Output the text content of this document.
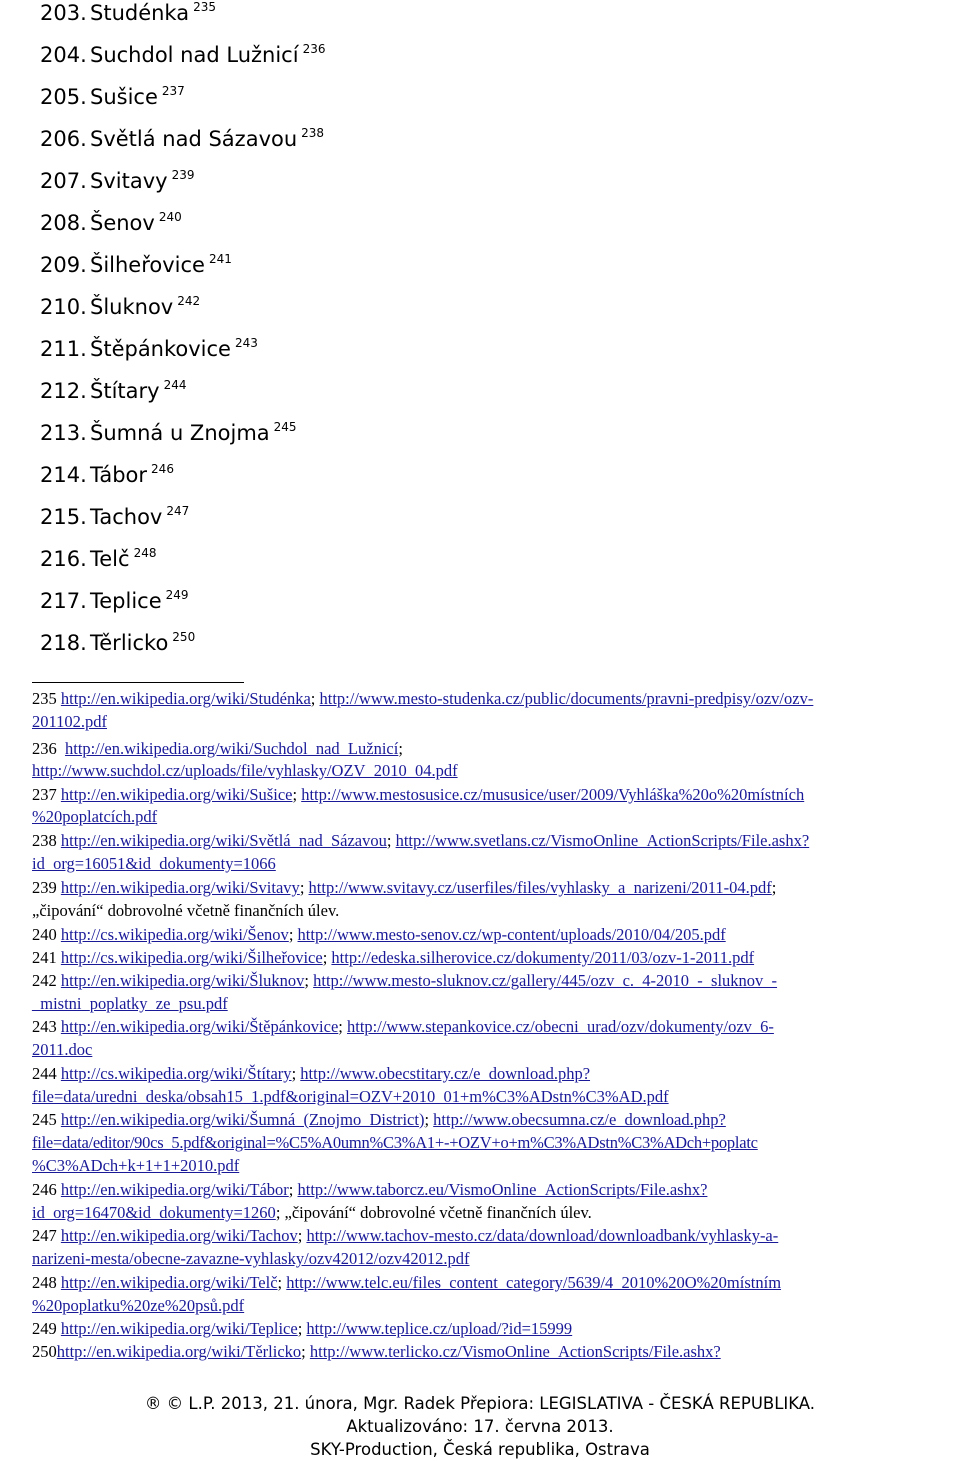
203. Studénka $^{235}$
204. Suchdol nad Lužnicí $^{236}$
205. Sušice $^{237}$
206. Světlá nad Sázavou $^{238}$
207. Svitavy $^{239}$
208. Šenov $^{240}$
209. Šilheřovice $^{241}$
210. Šluknov $^{242}$
211. Štěpánkovice $^{243}$
212. Štítary $^{244}$
213. Šumná u Znojma $^{245}$
214. Tábor $^{246}$
215. Tachov $^{247}$
216. Telč $^{248}$
217. Teplice $^{249}$
218. Těrlicko $^{250}$
235 http://en.wikipedia.org/wiki/Studénka; http://www.mesto-studenka.cz/public/documents/pravni-predpisy/ozv/ozv-
201102.pdf
236 http://en.wikipedia.org/wiki/Suchdol_nad_Lužnicí;
http://www.suchdol.cz/uploads/file/vyhlasky/OZV_2010_04.pdf
237 http://en.wikipedia.org/wiki/Sušice; http://www.mestosusice.cz/mususice/user/2009/Vyhláška%20o%20místních
%20poplatcích.pdf
238 http://en.wikipedia.org/wiki/Světlá_nad_Sázavou; http://www.svetlans.cz/VismoOnline_ActionScripts/File.ashx?
id_org=16051&id_dokumenty=1066
239 http://en.wikipedia.org/wiki/Svitavy; http://www.svitavy.cz/userfiles/files/vyhlasky_a_narizeni/2011-04.pdf;
„čipování“ dobrovolné včetně finančních úlev.
240 http://cs.wikipedia.org/wiki/Šenov; http://www.mesto-senov.cz/wp-content/uploads/2010/04/205.pdf
241 http://cs.wikipedia.org/wiki/Šilheřovice; http://edeska.silherovice.cz/dokumenty/2011/03/ozv-1-2011.pdf
242 http://en.wikipedia.org/wiki/Šluknov; http://www.mesto-sluknov.cz/gallery/445/ozv_c._4-2010_-_sluknov_-
_mistni_poplatky_ze_psu.pdf
243 http://en.wikipedia.org/wiki/Štěpánkovice; http://www.stepankovice.cz/obecni_urad/ozv/dokumenty/ozv_6-
2011.doc
244 http://cs.wikipedia.org/wiki/Štítary; http://www.obecstitary.cz/e_download.php?
file=data/uredni_deska/obsah15_1.pdf&original=OZV+2010_01+m%C3%ADstn%C3%AD.pdf
245 http://en.wikipedia.org/wiki/Šumná_(Znojmo_District); http://www.obecsumna.cz/e_download.php?
file=data/editor/90cs_5.pdf&original=%C5%A0umn%C3%A1+-+OZV+o+m%C3%ADstn%C3%ADch+poplatc
%C3%ADch+k+1+1+2010.pdf
246 http://en.wikipedia.org/wiki/Tábor; http://www.taborcz.eu/VismoOnline_ActionScripts/File.ashx?
id_org=16470&id_dokumenty=1260; „čipování“ dobrovolné včetně finančních úlev.
247 http://en.wikipedia.org/wiki/Tachov; http://www.tachov-mesto.cz/data/download/downloadbank/vyhlasky-a-
narizeni-mesta/obecne-zavazne-vyhlasky/ozv42012/ozv42012.pdf
248 http://en.wikipedia.org/wiki/Telč; http://www.telc.eu/files_content_category/5639/4_2010%20O%20místním
%20poplatku%20ze%20psů.pdf
249 http://en.wikipedia.org/wiki/Teplice; http://www.teplice.cz/upload/?id=15999
250http://en.wikipedia.org/wiki/Těrlicko; http://www.terlicko.cz/VismoOnline_ActionScripts/File.ashx?
® © L.P. 2013, 21. února, Mgr. Radek Přepiora: LEGISLATIVA - ČESKÁ REPUBLIKA.
Aktualizováno: 17. června 2013.
SKY-Production, Česká republika, Ostrava
